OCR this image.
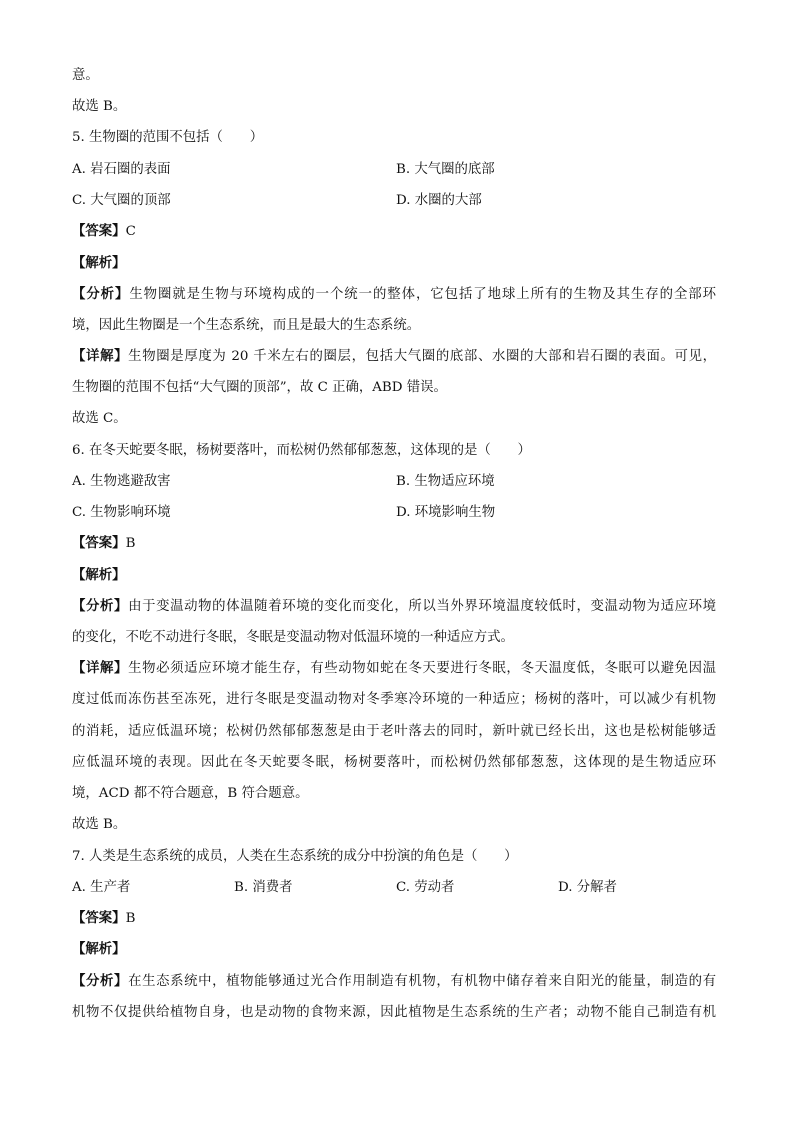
意。
故选 B。
5. 生物圈的范围不包括（　　）
A. 岩石圈的表面	B. 大气圈的底部
C. 大气圈的顶部	D. 水圈的大部
【答案】C
【解析】
【分析】生物圈就是生物与环境构成的一个统一的整体，它包括了地球上所有的生物及其生存的全部环
境，因此生物圈是一个生态系统，而且是最大的生态系统。
【详解】生物圈是厚度为 20 千米左右的圈层，包括大气圈的底部、水圈的大部和岩石圈的表面。可见，
生物圈的范围不包括“大气圈的顶部”，故 C 正确，ABD 错误。
故选 C。
6. 在冬天蛇要冬眠，杨树要落叶，而松树仍然郁郁葱葱，这体现的是（　　）
A. 生物逃避敌害	B. 生物适应环境
C. 生物影响环境	D. 环境影响生物
【答案】B
【解析】
【分析】由于变温动物的体温随着环境的变化而变化，所以当外界环境温度较低时，变温动物为适应环境
的变化，不吃不动进行冬眠，冬眠是变温动物对低温环境的一种适应方式。
【详解】生物必须适应环境才能生存，有些动物如蛇在冬天要进行冬眠，冬天温度低，冬眠可以避免因温
度过低而冻伤甚至冻死，进行冬眠是变温动物对冬季寒冷环境的一种适应；杨树的落叶，可以减少有机物
的消耗，适应低温环境；松树仍然郁郁葱葱是由于老叶落去的同时，新叶就已经长出，这也是松树能够适
应低温环境的表现。因此在冬天蛇要冬眠，杨树要落叶，而松树仍然郁郁葱葱，这体现的是生物适应环
境，ACD 都不符合题意，B 符合题意。
故选 B。
7. 人类是生态系统的成员，人类在生态系统的成分中扮演的角色是（　　）
A. 生产者	B. 消费者	C. 劳动者	D. 分解者
【答案】B
【解析】
【分析】在生态系统中，植物能够通过光合作用制造有机物，有机物中储存着来自阳光的能量，制造的有
机物不仅提供给植物自身，也是动物的食物来源，因此植物是生态系统的生产者；动物不能自己制造有机
